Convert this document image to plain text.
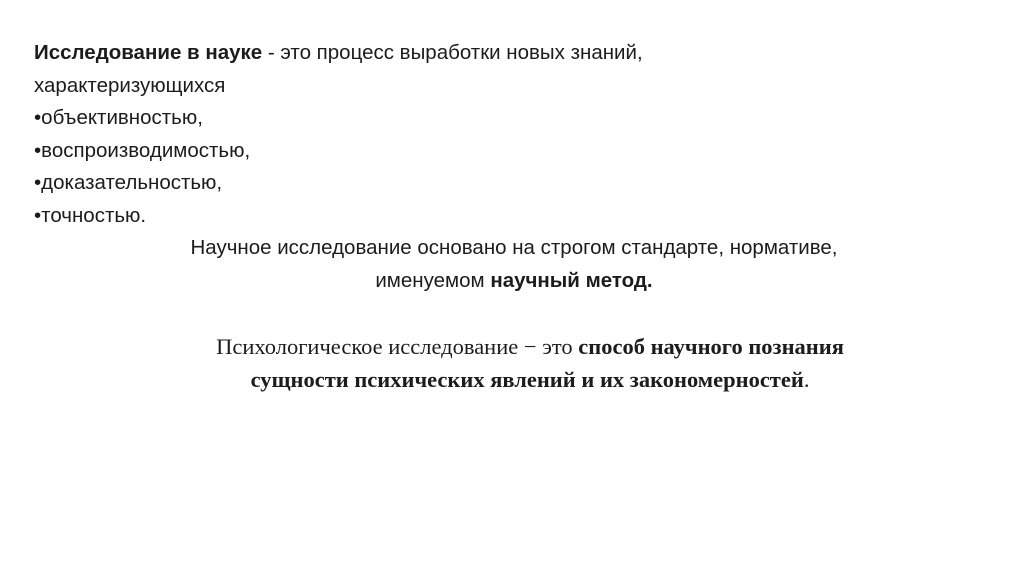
Исследование в науке - это процесс выработки новых знаний,
характеризующихся
•объективностью,
•воспроизводимостью,
•доказательностью,
•точностью.
Научное исследование основано на строгом стандарте, нормативе,
именуемом научный метод.
Психологическое исследование − это способ научного познания
сущности психических явлений и их закономерностей.
